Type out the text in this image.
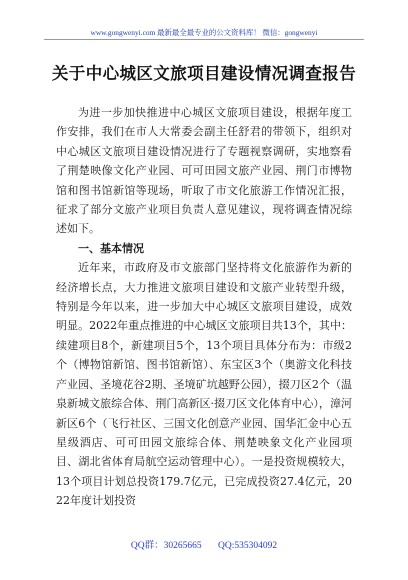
www.gongwenyi.com 最新最全最专业的公文资料库！ 微信：gongwenyi
关于中心城区文旅项目建设情况调查报告

为进一步加快推进中心城区文旅项目建设，根据年度工作安排，我们在市人大常委会副主任舒君的带领下，组织对中心城区文旅项目建设情况进行了专题视察调研，实地察看了荆楚映像文化产业园、可可田园文旅产业园、荆门市博物馆和图书馆新馆等现场，听取了市文化旅游工作情况汇报，征求了部分文旅产业项目负责人意见建议，现将调查情况综述如下。

一、基本情况

近年来，市政府及市文旅部门坚持将文化旅游作为新的经济增长点，大力推进文旅项目建设和文旅产业转型升级，特别是今年以来，进一步加大中心城区文旅项目建设，成效明显。2022年重点推进的中心城区文旅项目共13个，其中：续建项目8个，新建项目5个，13个项目具体分布为：市级2个（博物馆新馆、图书馆新馆）、东宝区3个（奥游文化科技产业园、圣境花谷2期、圣境矿坑越野公园），掇刀区2个（温泉新城文旅综合体、荆门高新区·掇刀区文化体育中心），漳河新区6个（飞行社区、三国文化创意产业园、国华汇金中心五星级酒店、可可田园文旅综合体、荆楚映象文化产业园项目、湖北省体育局航空运动管理中心）。一是投资规模较大，13个项目计划总投资179.7亿元，已完成投资27.4亿元，2022年度计划投资

QQ群：30265665 QQ:535304092
